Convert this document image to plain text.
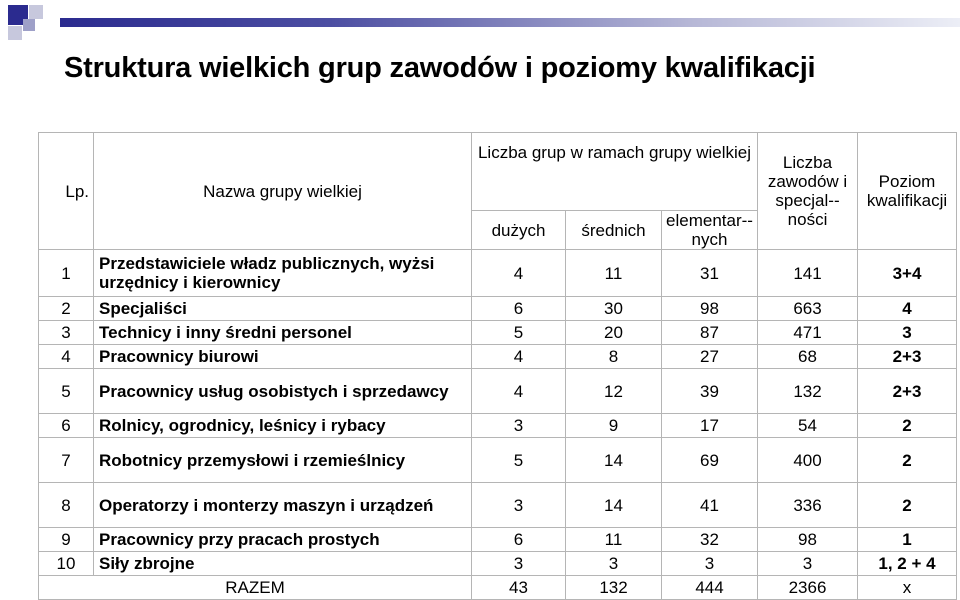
Struktura wielkich grup zawodów i poziomy kwalifikacji
Lp.	Nazwa grupy wielkiej	Liczba grup w ramach grupy wielkiej			Liczba zawodów i specjal--ności	Poziom kwalifikacji
		dużych	średnich	elementar--nych		
1	Przedstawiciele władz publicznych, wyżsi urzędnicy i kierownicy	4	11	31	141	3+4
2	Specjaliści	6	30	98	663	4
3	Technicy i inny średni personel	5	20	87	471	3
4	Pracownicy biurowi	4	8	27	68	2+3
5	Pracownicy usług osobistych i sprzedawcy	4	12	39	132	2+3
6	Rolnicy, ogrodnicy, leśnicy i rybacy	3	9	17	54	2
7	Robotnicy przemysłowi i rzemieślnicy	5	14	69	400	2
8	Operatorzy i monterzy maszyn i urządzeń	3	14	41	336	2
9	Pracownicy przy pracach prostych	6	11	32	98	1
10	Siły zbrojne	3	3	3	3	1, 2 + 4
RAZEM		43	132	444	2366	x
